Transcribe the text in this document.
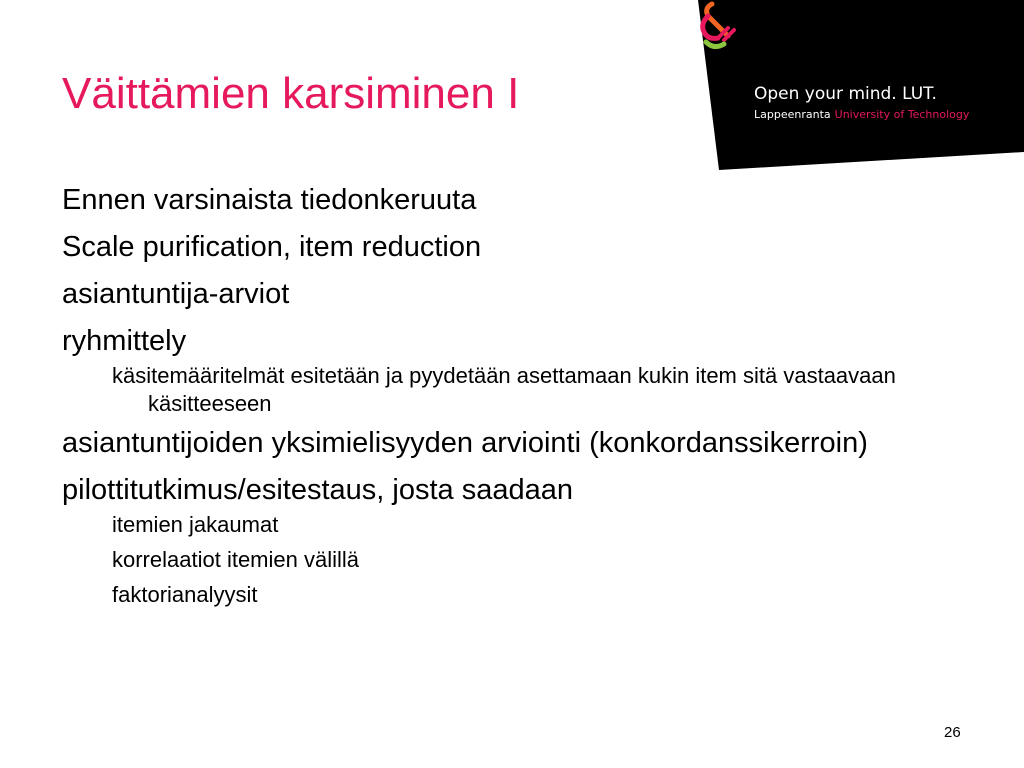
Väittämien karsiminen I	Open your mind. LUT.
Lappeenranta University of Technology

Ennen varsinaista tiedonkeruuta

Scale purification, item reduction

asiantuntija-arviot

ryhmittely

käsitemääritelmät esitetään ja pyydetään asettamaan kukin item sitä vastaavaan käsitteeseen

asiantuntijoiden yksimielisyyden arviointi (konkordanssikerroin)

pilottitutkimus/esitestaus, josta saadaan

itemien jakaumat

korrelaatiot itemien välillä

faktorianalyysit

26
